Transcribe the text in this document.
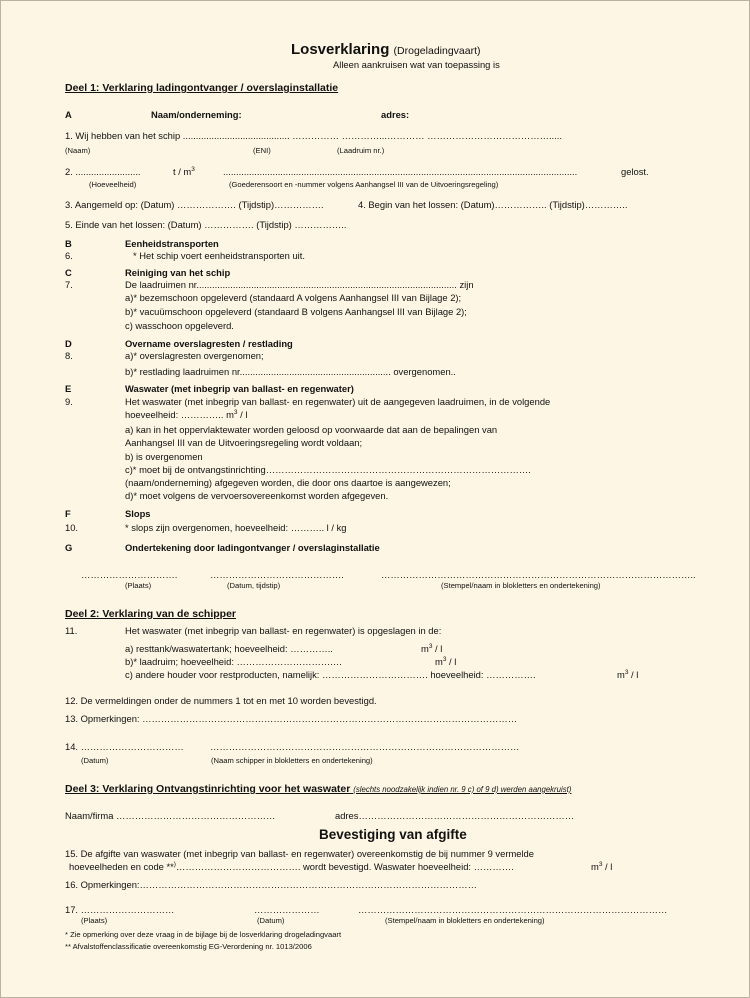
Losverklaring (Drogeladingvaart)
Alleen aankruisen wat van toepassing is
Deel 1: Verklaring ladingontvanger / overslaginstallatie
A	Naam/onderneming:	adres:
1. Wij hebben van het schip ......................................... …………… …………...………… ………………………………….....
(Naam)	(ENI)	(Laadruim nr.)
2. .........................	t / $m^3$	........................................................................................................................................	gelost.
(Hoeveelheid)	(Goederensoort en -nummer volgens Aanhangsel III van de Uitvoeringsregeling)
3. Aangemeld op: (Datum) ………………. (Tijdstip)…………….	4. Begin van het lossen: (Datum)…………….. (Tijdstip)…………..
5. Einde van het lossen: (Datum) ……………. (Tijdstip) ……………..
B	Eenheidstransporten
6.	* Het schip voert eenheidstransporten uit.
C	Reiniging van het schip
7.	De laadruimen nr.................................................................................................... zijn
a)* bezemschoon opgeleverd (standaard A volgens Aanhangsel III van Bijlage 2);
b)* vacuümschoon opgeleverd (standaard B volgens Aanhangsel III van Bijlage 2);
c) wasschoon opgeleverd.
D	Overname overslagresten / restlading
8.	a)* overslagresten overgenomen;
b)* restlading laadruimen nr.......................................................... overgenomen..
E	Waswater (met inbegrip van ballast- en regenwater)
9.	Het waswater (met inbegrip van ballast- en regenwater) uit de aangegeven laadruimen, in de volgende
hoeveelheid: ………….. $m^3$ / l
a) kan in het oppervlaktewater worden geloosd op voorwaarde dat aan de bepalingen van
Aanhangsel III van de Uitvoeringsregeling wordt voldaan;
b) is overgenomen
c)* moet bij de ontvangstinrichting………………………………………………………………………….
(naam/onderneming) afgegeven worden, die door ons daartoe is aangewezen;
d)* moet volgens de vervoersovereenkomst worden afgegeven.
F	Slops
10.	* slops zijn overgenomen, hoeveelheid: ……….. l / kg
G	Ondertekening door ladingontvanger / overslaginstallatie
………………………….	…………………………………….	………………………………………………………………………………………..
(Plaats)	(Datum, tijdstip)	(Stempel/naam in blokletters en ondertekening)
Deel 2: Verklaring van de schipper
11.	Het waswater (met inbegrip van ballast- en regenwater) is opgeslagen in de:
a) resttank/waswatertank; hoeveelheid: …………..	$m^3$ / l
b)* laadruim; hoeveelheid: ………………………….…	$m^3$ / l
c) andere houder voor restproducten, namelijk: ……………………………. hoeveelheid: …………….	$m^3$ / l
12. De vermeldingen onder de nummers 1 tot en met 10 worden bevestigd.
13. Opmerkingen: …………………………………………………………………………………………………………
14. ……………………………	………………………………………………………………………………………
(Datum)	(Naam schipper in blokletters en ondertekening)
Deel 3: Verklaring Ontvangstinrichting voor het waswater (slechts noodzakelijk indien nr. 9 c) of 9 d) werden aangekruist)
Naam/firma ……………………………………………	adres……………………………………………………………
Bevestiging van afgifte
15. De afgifte van waswater (met inbegrip van ballast- en regenwater) overeenkomstig de bij nummer 9 vermelde
hoeveelheden en code **)…………………………………. wordt bevestigd. Waswater hoeveelheid: ………….	$m^3$ / l
16. Opmerkingen:………………………………………………………………………………………………
17. …………………………	…………………	………………………………………………………………………………………
(Plaats)	(Datum)	(Stempel/naam in blokletters en ondertekening)
* Zie opmerking over deze vraag in de bijlage bij de losverklaring drogeladingvaart
** Afvalstoffenclassificatie overeenkomstig EG-Verordening nr. 1013/2006
